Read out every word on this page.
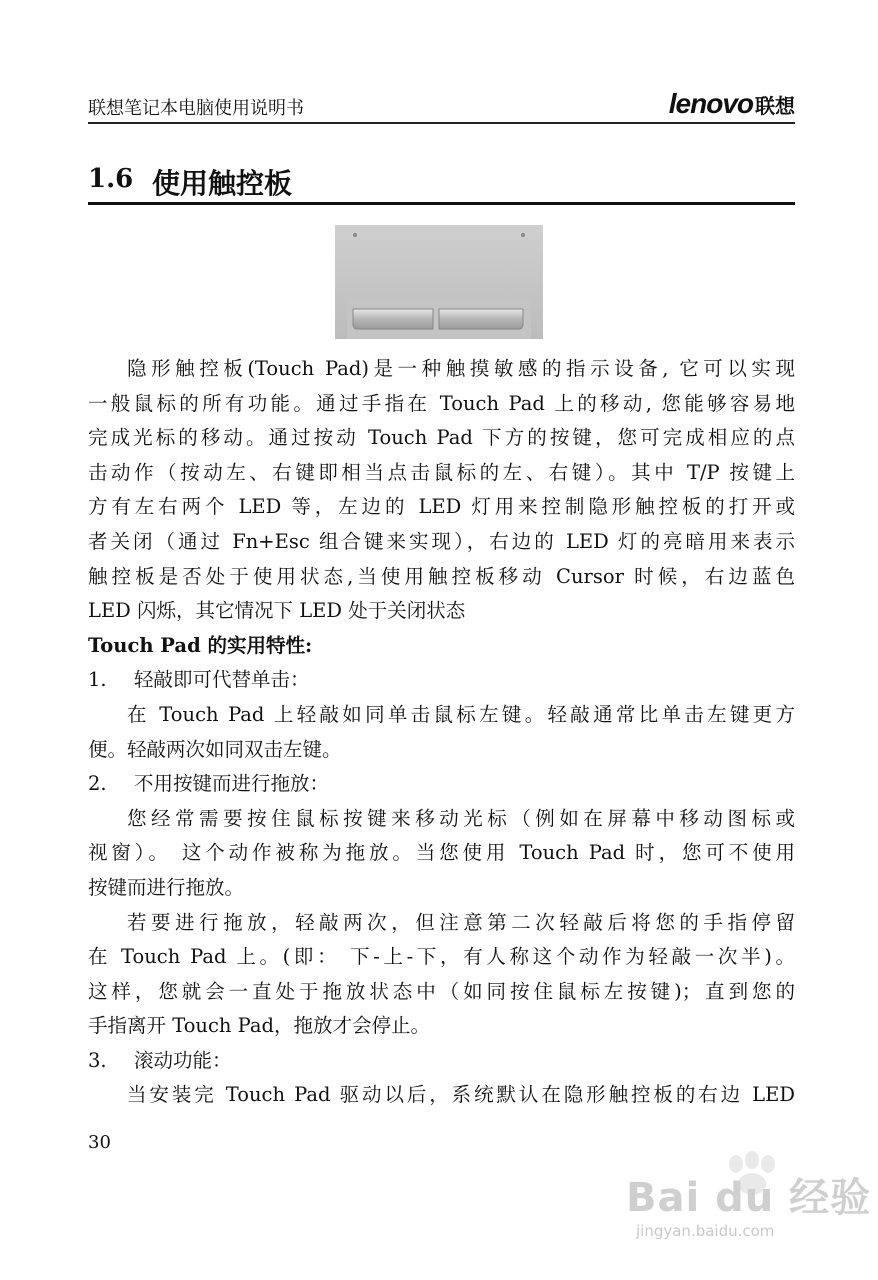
联想笔记本电脑使用说明书	lenovo 联想
1.6 使用触控板

隐形触控板(Touch Pad)是一种触摸敏感的指示设备, 它可以实现

一般鼠标的所有功能。通过手指在 Touch Pad 上的移动, 您能够容易地

完成光标的移动。通过按动 Touch Pad 下方的按键，您可完成相应的点

击动作（按动左、右键即相当点击鼠标的左、右键）。其中 T/P 按键上

方有左右两个 LED 等，左边的 LED 灯用来控制隐形触控板的打开或

者关闭（通过 Fn+Esc 组合键来实现），右边的 LED 灯的亮暗用来表示

触控板是否处于使用状态,当使用触控板移动 Cursor 时候，右边蓝色

LED 闪烁，其它情况下 LED 处于关闭状态

Touch Pad 的实用特性:

1. 轻敲即可代替单击：

在 Touch Pad 上轻敲如同单击鼠标左键。轻敲通常比单击左键更方

便。轻敲两次如同双击左键。

2. 不用按键而进行拖放：

您经常需要按住鼠标按键来移动光标（例如在屏幕中移动图标或

视窗）。 这个动作被称为拖放。当您使用 Touch Pad 时，您可不使用

按键而进行拖放。

若要进行拖放，轻敲两次，但注意第二次轻敲后将您的手指停留

在 Touch Pad 上。(即： 下-上-下，有人称这个动作为轻敲一次半)。

这样，您就会一直处于拖放状态中（如同按住鼠标左按键)；直到您的

手指离开 Touch Pad，拖放才会停止。

3. 滚动功能：

当安装完 Touch Pad 驱动以后，系统默认在隐形触控板的右边 LED

30
Bai du 经验
jingyan.baidu.com
